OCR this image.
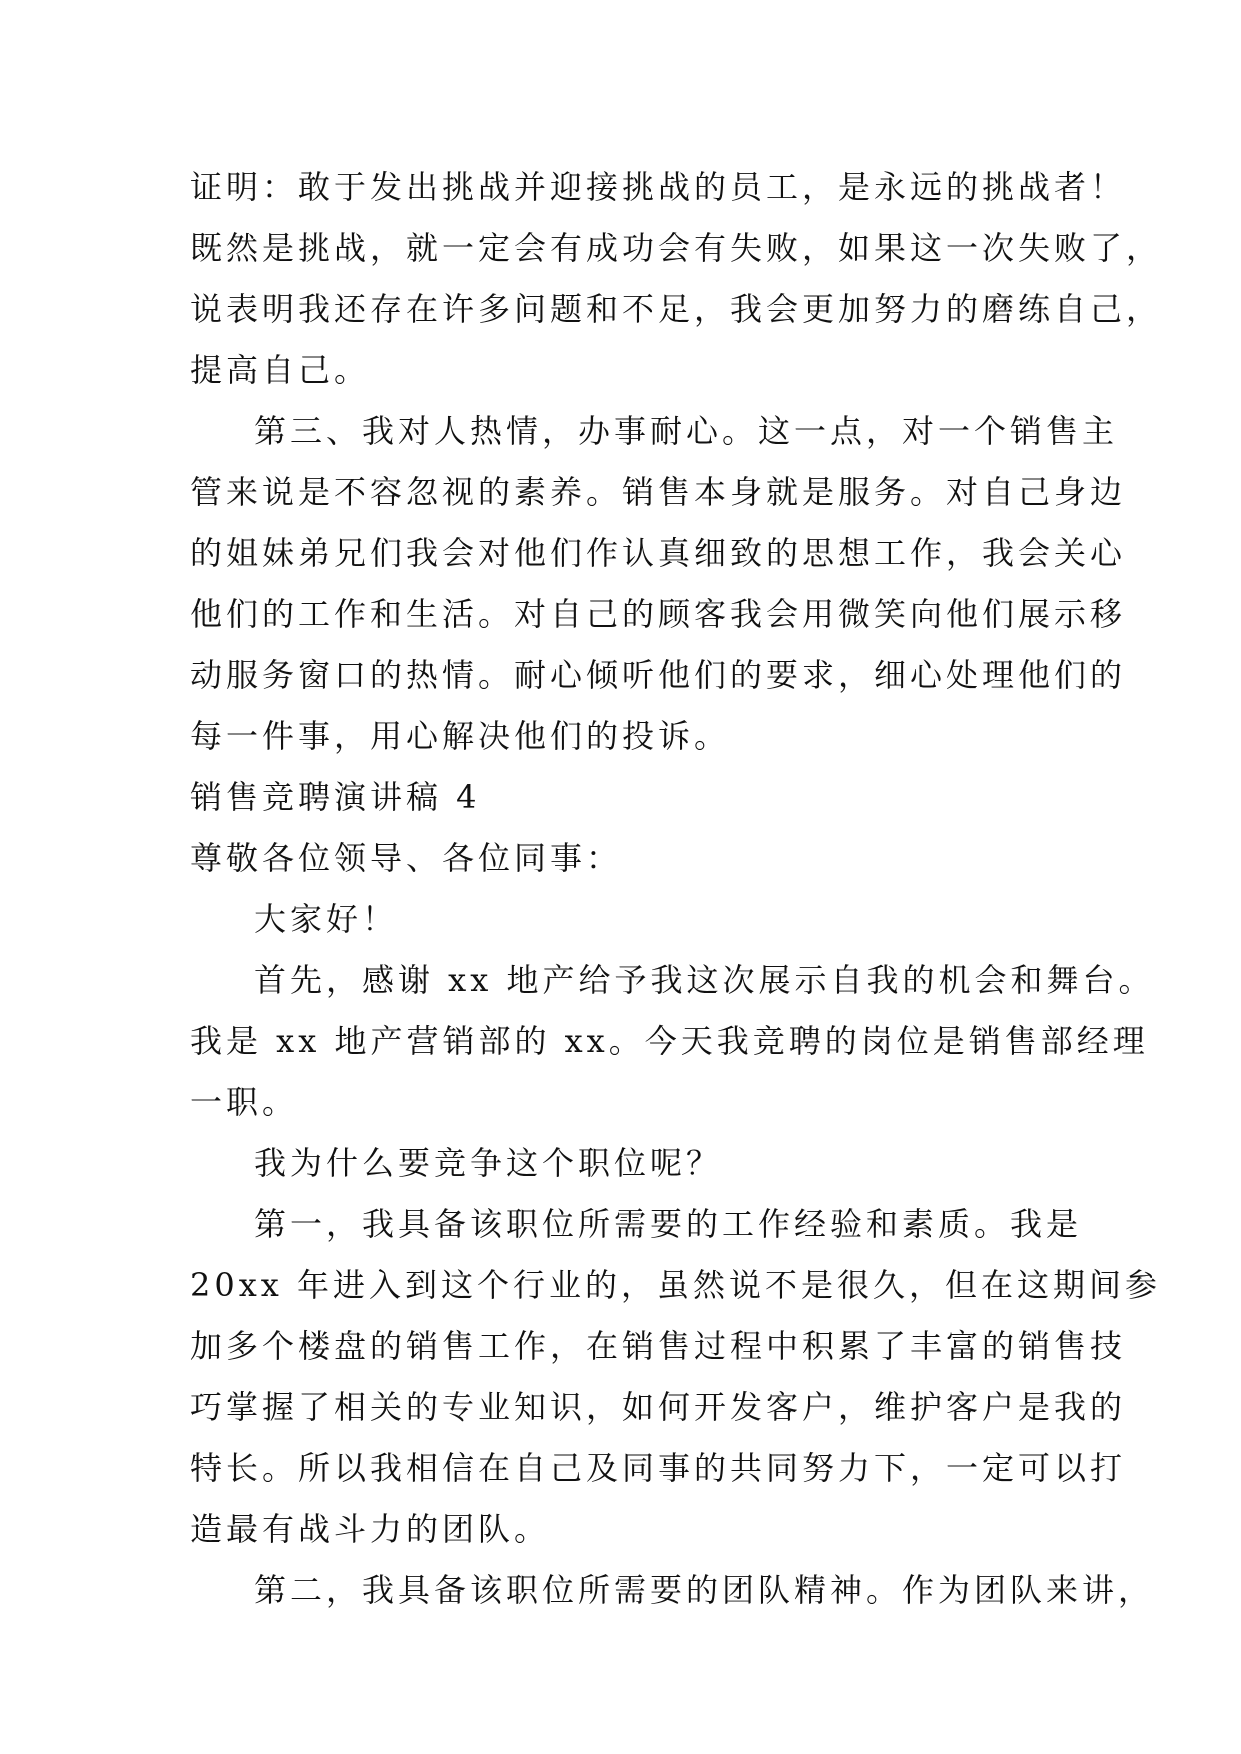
证明：敢于发出挑战并迎接挑战的员工，是永远的挑战者！

既然是挑战，就一定会有成功会有失败，如果这一次失败了，

说表明我还存在许多问题和不足，我会更加努力的磨练自己，

提高自己。

第三、我对人热情，办事耐心。这一点，对一个销售主

管来说是不容忽视的素养。销售本身就是服务。对自己身边

的姐妹弟兄们我会对他们作认真细致的思想工作，我会关心

他们的工作和生活。对自己的顾客我会用微笑向他们展示移

动服务窗口的热情。耐心倾听他们的要求，细心处理他们的

每一件事，用心解决他们的投诉。

销售竞聘演讲稿 4

尊敬各位领导、各位同事：

大家好！

首先，感谢 xx 地产给予我这次展示自我的机会和舞台。

我是 xx 地产营销部的 xx。今天我竞聘的岗位是销售部经理

一职。

我为什么要竞争这个职位呢？

第一，我具备该职位所需要的工作经验和素质。我是

20xx 年进入到这个行业的，虽然说不是很久，但在这期间参

加多个楼盘的销售工作，在销售过程中积累了丰富的销售技

巧掌握了相关的专业知识，如何开发客户，维护客户是我的

特长。所以我相信在自己及同事的共同努力下，一定可以打

造最有战斗力的团队。

第二，我具备该职位所需要的团队精神。作为团队来讲，
